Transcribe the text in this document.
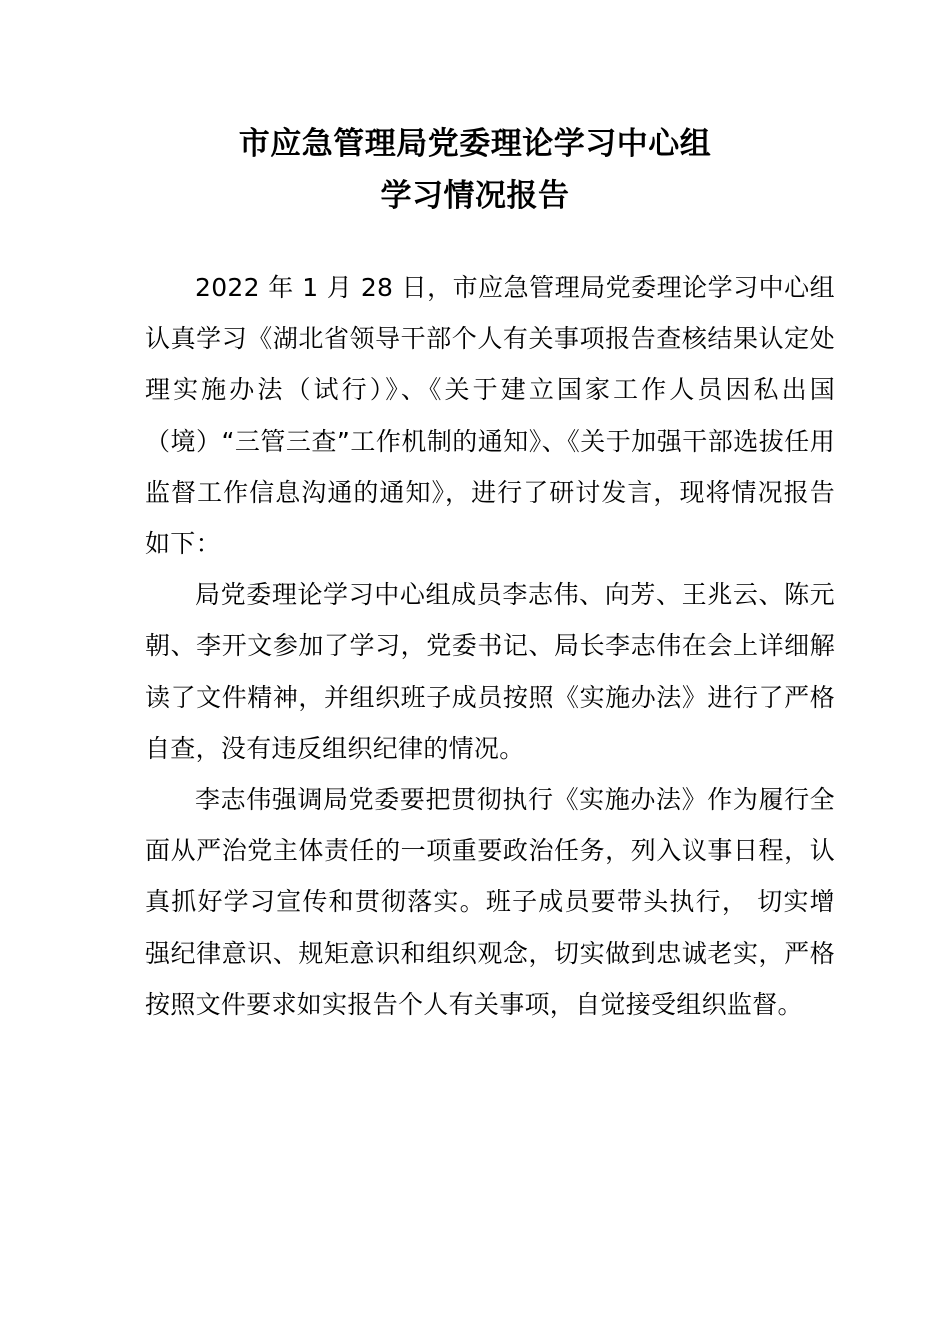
市应急管理局党委理论学习中心组
学习情况报告

2022 年 1 月 28 日，市应急管理局党委理论学习中心组认真学习《湖北省领导干部个人有关事项报告查核结果认定处理实施办法（试行）》、《关于建立国家工作人员因私出国（境）“三管三查”工作机制的通知》、《关于加强干部选拔任用监督工作信息沟通的通知》，进行了研讨发言，现将情况报告如下：

局党委理论学习中心组成员李志伟、向芳、王兆云、陈元朝、李开文参加了学习，党委书记、局长李志伟在会上详细解读了文件精神，并组织班子成员按照《实施办法》进行了严格自查，没有违反组织纪律的情况。

李志伟强调局党委要把贯彻执行《实施办法》作为履行全面从严治党主体责任的一项重要政治任务，列入议事日程，认真抓好学习宣传和贯彻落实。班子成员要带头执行， 切实增强纪律意识、规矩意识和组织观念，切实做到忠诚老实，严格按照文件要求如实报告个人有关事项，自觉接受组织监督。
